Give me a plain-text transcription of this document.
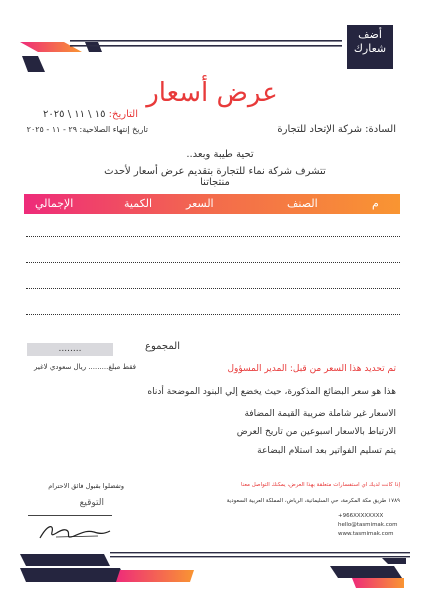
أضف
شعارك
عرض أسعار
التاريخ: ١٥ \ ١١ \ ٢٠٢٥
تاريخ إنتهاء الصلاحية: ٢٩ - ١١ - ٢٠٢٥	السادة: شركة الإتحاد للتجارة
تحية طيبة وبعد..
تتشرف شركة نماء للتجارة بتقديم عرض أسعار لأحدث منتجاتنا
م
الصنف
السعر
الكمية
الإجمالي
المجموع
........
فقط مبلغ......... ريال سعودي لاغير	تم تحديد هذا السعر من قبل: المدير المسؤول
هذا هو سعر البضائع المذكورة، حيث يخضع إلي البنود الموضحة أدناه
الاسعار غير شاملة ضريبة القيمة المضافة
الارتباط بالاسعار اسبوعين من تاريخ العرض
يتم تسليم الفواتير بعد استلام البضاعة
وتفضلوا بقبول فائق الاحترام
التوقيع
إذا كانت لديك اي استفسارات متعلقة بهذا العرض، يمكنك التواصل معنا
١٧٨٩ طريق مكة المكرمة، حي السليمانية، الرياض، المملكة العربية السعودية
+966XXXXXXXX
hello@tasmimak.com
www.tasmimak.com
